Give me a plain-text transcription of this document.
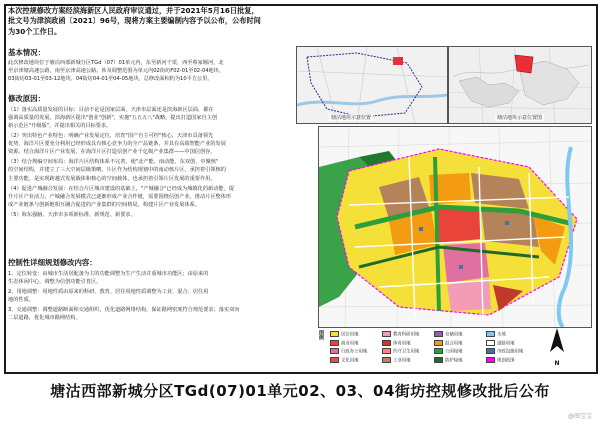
本次控规修改方案经滨海新区人民政府审议通过，并于2021年5月16日批复，
批文号为津滨政函〔2021〕96号，现将方案主要编制内容予以公布，公布时间
为30个工作日。

基本情况：

此次修改地块位于塘沽西部新城分区TGd（07）01单元内，东至新河干渠，西至蔡家堰河，北
至京津塘高速公路，南至京津高速公路。涉及调整范围为单元内02街坊F02-01至02-04地块、
03街坊03-01至03-12地块、04街坊04-01至04-05地块，总修改面积约为10平方公里。

塘沽地块示意位置	塘沽地块示意位置图

修改原因：

（1）落实高质量发展的目标：目前不论是国家层面，天津市层面还是滨海新区层面，都在
强调高质量的发展，滨海新区提出"创业"创新"，实施"五五五八"战略，提出打造国家自主创
新示范区"升级版"，并提出相关的目标要求。
（2）突出特色产业特色：明确产业发展定位，培育"国产自主可控"核心，天津市具备领先
优势，海洋片区要充分利用已经形成具有核心竞争力的全产品链条，并具有高端智能产业的发展
资源。结合海洋片区产业发展，在海洋片区打造信创产业千亿级产业集群——中国信创谷。
（3）结合规编空间布局：海洋片区结构体系不完善，使"北产能、南动能、东双创、中聚核"
的空间结构，并建立了三大空间层级策略，片区作为结构规划中的南动核片区，承担着引领核的
主要功能，是实现跨越式发展载体和核心的空间载体，也承担着引领片区发展的重要作用。
（4）促进产城融合发展：在结合片区城市建设的基础上，"产城融合"已经成为城镇化的新动能，提
升片区产业活力，产城融合发展模式已逐渐形成产业合作链，需要围绕信创产业，推动片区整体形
成产业链条与创新链相互融合促进的产业集群的空间格局，构建片区产业发展体系。
（5）海东强脑、天津市多项新标准、新规范、新要求。

控制性详细规划修改内容：

1、定位转变：由城市生活居配备为主的功能调整为生产生活并重城市功能区；由原来的
生态休闲中心，调整为信创功能引育区。
2、用地调整：用地性质由原来的科研、教育、居住用地性质调整为工业、混合、居住用
地的性质。
3、交通调整：调整道路断面和交通组织，优化道路网络结构，保证路网密度符合规范要求；落实双向
二层道路，优化城市路网结构。
图例	居住用地
商业用地
行政办公用地
文化用地
教育科研用地
体育用地
医疗卫生用地
工业用地
仓储用地
混合用地
公园绿地
防护绿地
水域
道路用地
市政设施用地
规划范围	N
塘沽西部新城分区TGd(07)01单元02、03、04街坊控规修改批后公布
@图宝宝
